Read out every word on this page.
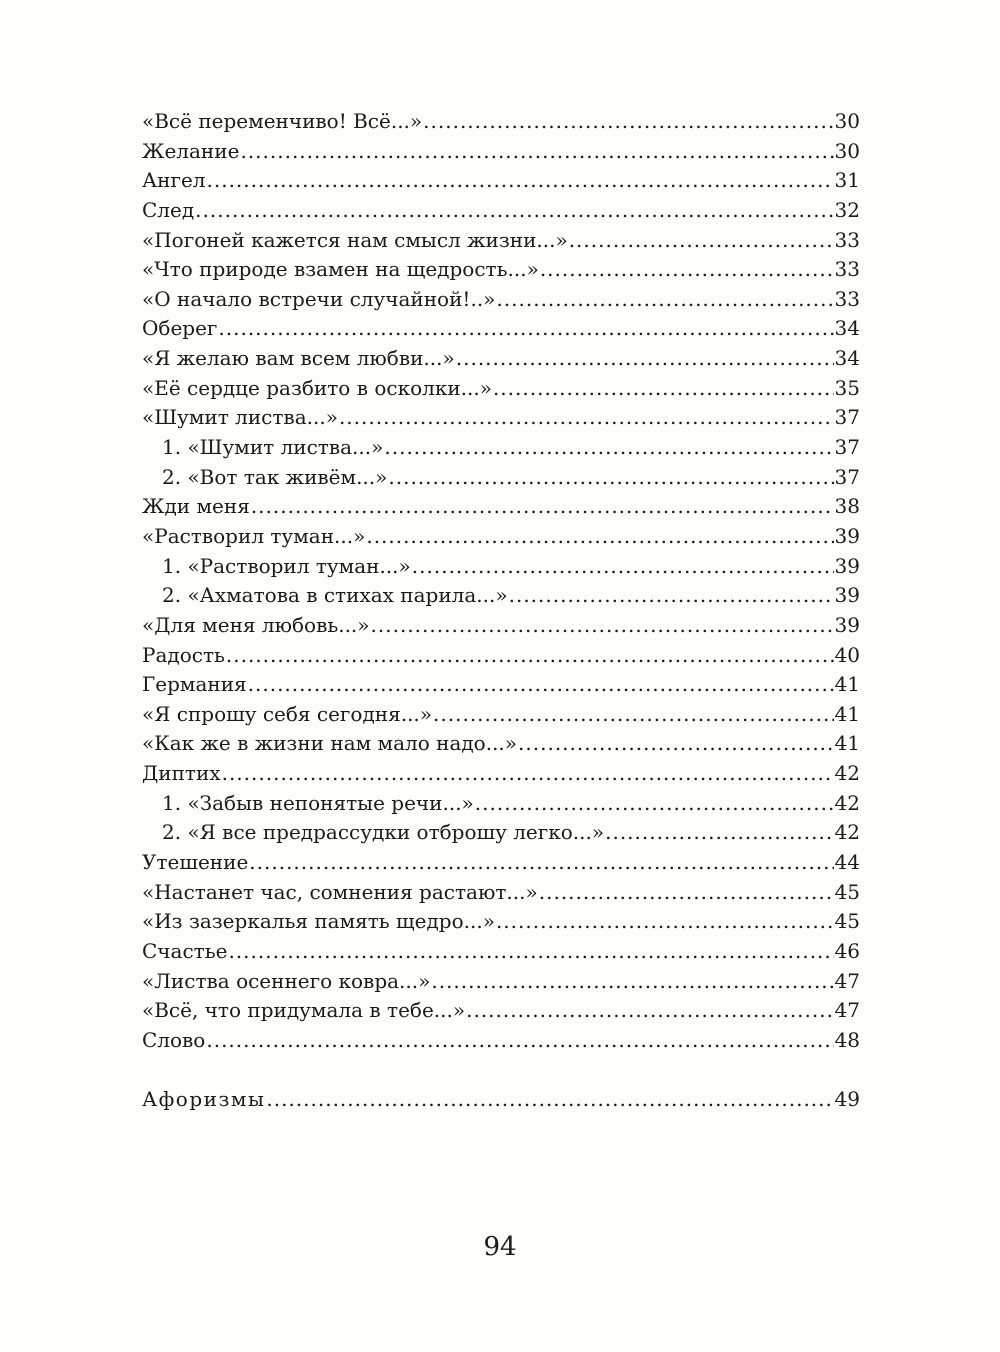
«Всё переменчиво! Всё...» .....	30
Желание .....	30
Ангел .....	31
След .....	32
«Погоней кажется нам смысл жизни...» .....	33
«Что природе взамен на щедрость...» .....	33
«О начало встречи случайной!..» .....	33
Оберег .....	34
«Я желаю вам всем любви...» .....	34
«Её сердце разбито в осколки...» .....	35
«Шумит листва...» .....	37
1. «Шумит листва...» .....	37
2. «Вот так живём...» .....	37
Жди меня .....	38
«Растворил туман...» .....	39
1. «Растворил туман...» .....	39
2. «Ахматова в стихах парила...» .....	39
«Для меня любовь...» .....	39
Радость .....	40
Германия .....	41
«Я спрошу себя сегодня...» .....	41
«Как же в жизни нам мало надо...» .....	41
Диптих .....	42
1. «Забыв непонятые речи...» .....	42
2. «Я все предрассудки отброшу легко...» .....	42
Утешение .....	44
«Настанет час, сомнения растают...» .....	45
«Из зазеркалья память щедро...» .....	45
Счастье .....	46
«Листва осеннего ковра...» .....	47
«Всё, что придумала в тебе...» .....	47
Слово .....	48
Афоризмы .....	49
94
